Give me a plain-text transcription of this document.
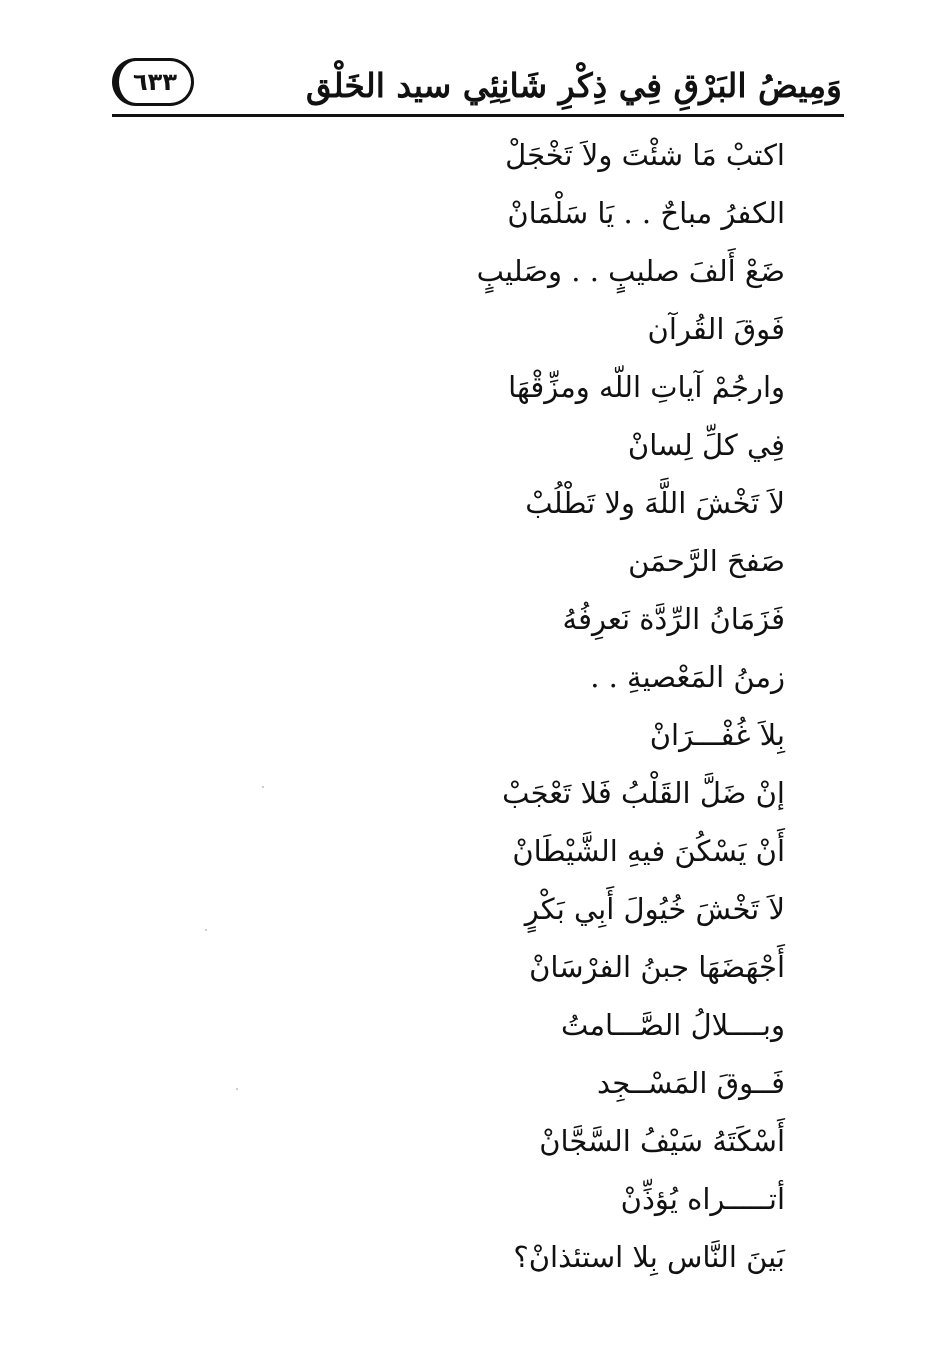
٦٣٣	وَمِيضُ البَرْقِ فِي ذِكْرِ شَانِئِي سيد الخَلْق
اكتبْ مَا شئْتَ ولاَ تَخْجَلْ
الكفرُ مباحٌ . . يَا سَلْمَانْ
ضَعْ أَلفَ صليبٍ . . وصَليبٍ
فَوقَ القُرآن
وارجُمْ آياتِ اللّه ومزِّقْهَا
فِي كلِّ لِسانْ
لاَ تَخْشَ اللَّهَ ولا تَطْلُبْ
صَفحَ الرَّحمَن
فَزَمَانُ الرِّدَّة نَعرِفُهُ
زمنُ المَعْصيةِ . .
بِلاَ غُفْـــرَانْ
إنْ ضَلَّ القَلْبُ فَلا تَعْجَبْ
أَنْ يَسْكُنَ فيهِ الشَّيْطَانْ
لاَ تَخْشَ خُيُولَ أَبِي بَكْرٍ
أَجْهَضَهَا جبنُ الفرْسَانْ
وبــــلالُ الصَّـــامتُ
فَــوقَ المَسْــجِد
أَسْكَتَهُ سَيْفُ السَّجَّانْ
أتـــــراه يُؤذِّنْ
بَينَ النَّاس بِلا استئذانْ؟
